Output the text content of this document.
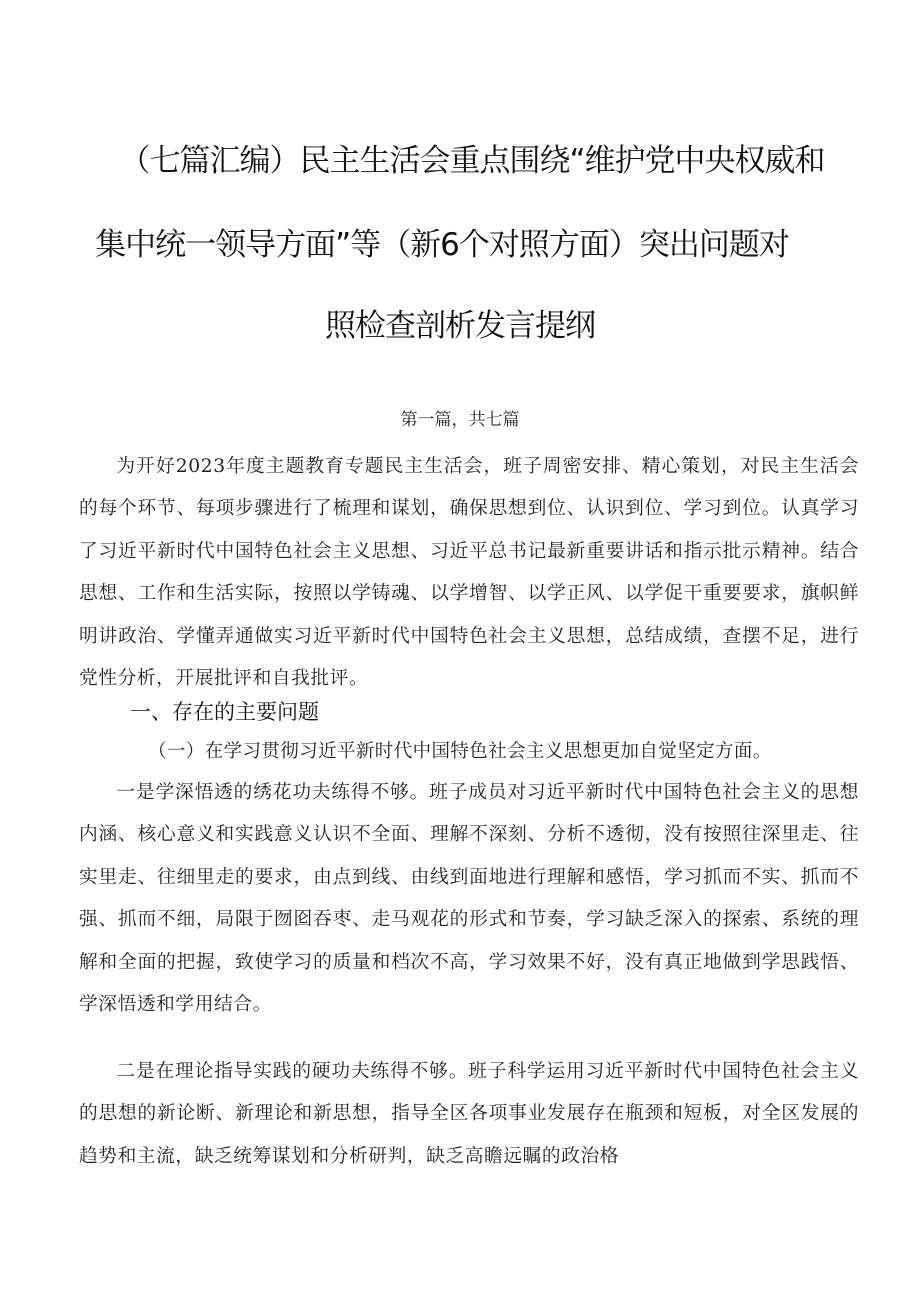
（七篇汇编）民主生活会重点围绕“维护党中央权威和
集中统一领导方面”等（新6个对照方面）突出问题对
照检查剖析发言提纲
第一篇，共七篇

为开好2023年度主题教育专题民主生活会，班子周密安排、精心策划，对民主生活会的每个环节、每项步骤进行了梳理和谋划，确保思想到位、认识到位、学习到位。认真学习了习近平新时代中国特色社会主义思想、习近平总书记最新重要讲话和指示批示精神。结合思想、工作和生活实际，按照以学铸魂、以学增智、以学正风、以学促干重要要求，旗帜鲜明讲政治、学懂弄通做实习近平新时代中国特色社会主义思想，总结成绩，查摆不足，进行党性分析，开展批评和自我批评。

一、存在的主要问题
（一）在学习贯彻习近平新时代中国特色社会主义思想更加自觉坚定方面。

一是学深悟透的绣花功夫练得不够。班子成员对习近平新时代中国特色社会主义的思想内涵、核心意义和实践意义认识不全面、理解不深刻、分析不透彻，没有按照往深里走、往实里走、往细里走的要求，由点到线、由线到面地进行理解和感悟，学习抓而不实、抓而不强、抓而不细，局限于囫囵吞枣、走马观花的形式和节奏，学习缺乏深入的探索、系统的理解和全面的把握，致使学习的质量和档次不高，学习效果不好，没有真正地做到学思践悟、学深悟透和学用结合。

二是在理论指导实践的硬功夫练得不够。班子科学运用习近平新时代中国特色社会主义的思想的新论断、新理论和新思想，指导全区各项事业发展存在瓶颈和短板，对全区发展的趋势和主流，缺乏统筹谋划和分析研判，缺乏高瞻远瞩的政治格
